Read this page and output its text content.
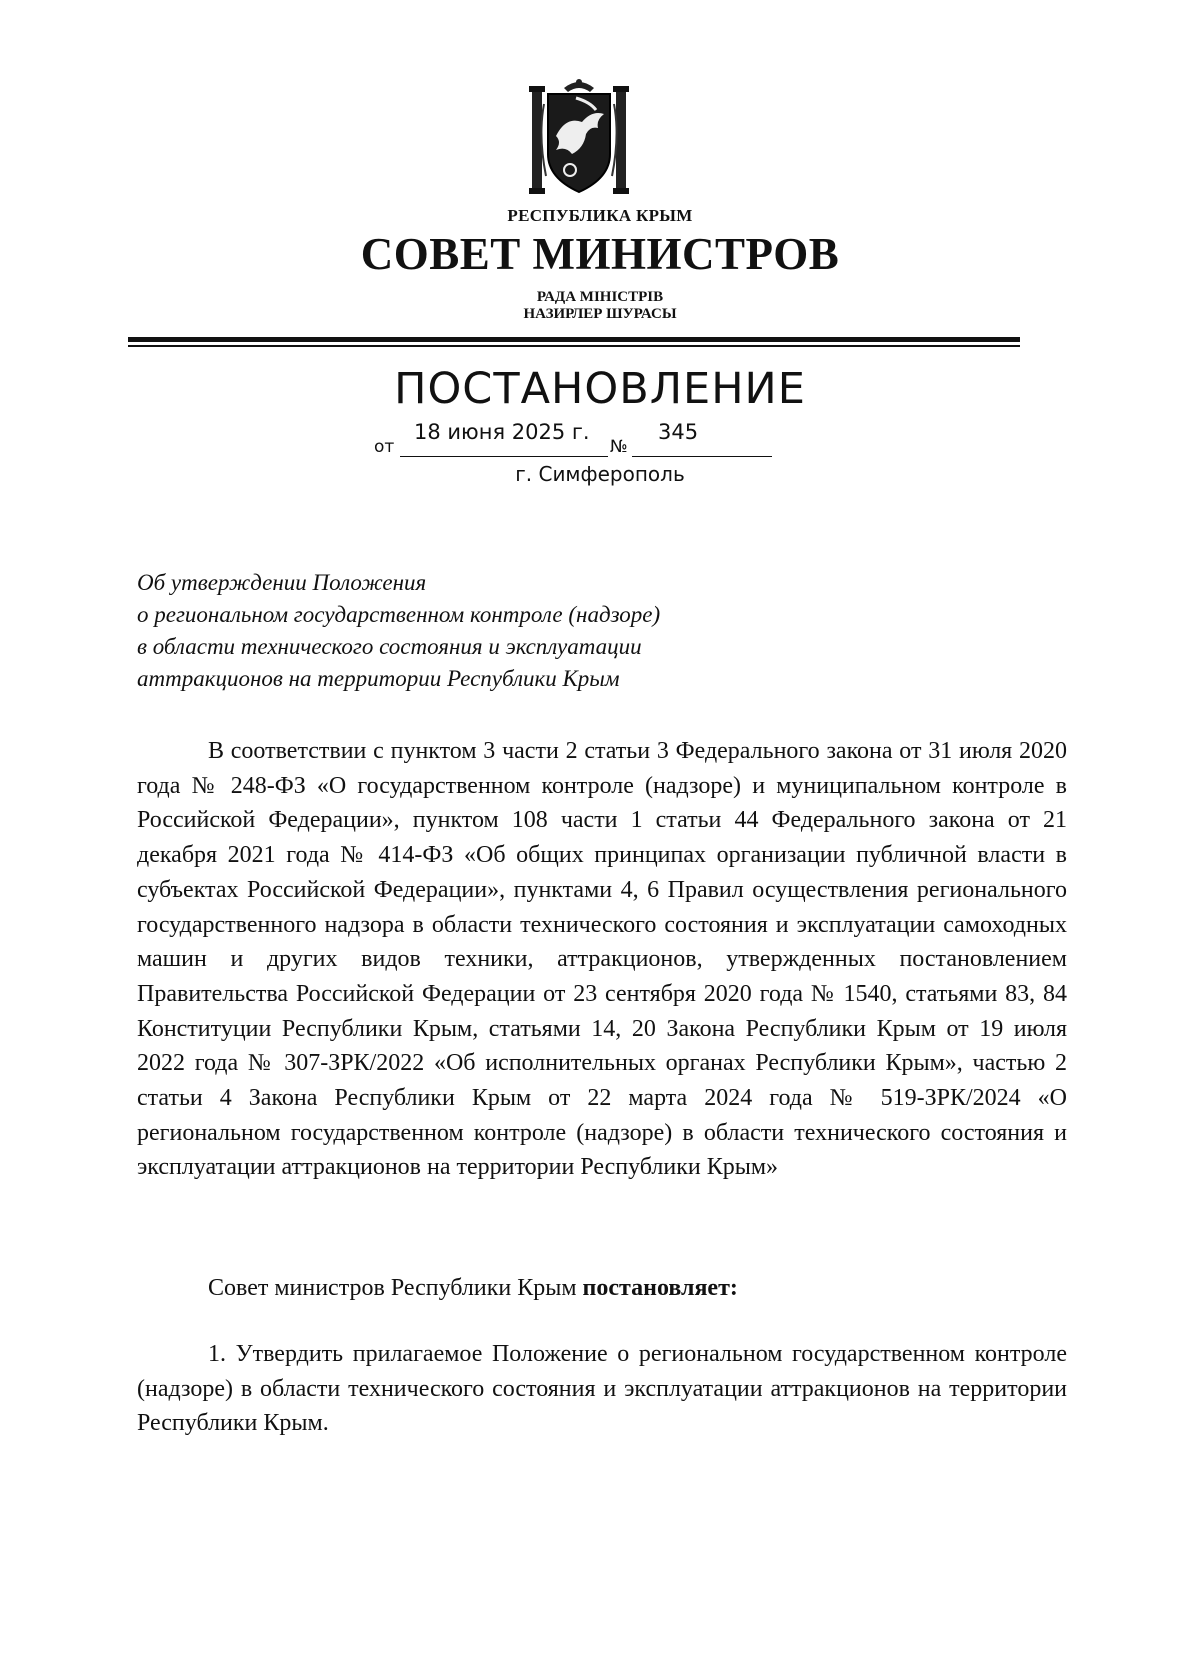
РЕСПУБЛИКА КРЫМ
СОВЕТ МИНИСТРОВ
РАДА МІНІСТРІВ
НАЗИРЛЕР ШУРАСЫ
ПОСТАНОВЛЕНИЕ
от
18 июня 2025 г.
№
345
г. Симферополь
Об утверждении Положения
о региональном государственном контроле (надзоре)
в области технического состояния и эксплуатации
аттракционов на территории Республики Крым

В соответствии с пунктом 3 части 2 статьи 3 Федерального закона от 31 июля 2020 года № 248-ФЗ «О государственном контроле (надзоре) и муниципальном контроле в Российской Федерации», пунктом 108 части 1 статьи 44 Федерального закона от 21 декабря 2021 года № 414-ФЗ «Об общих принципах организации публичной власти в субъектах Российской Федерации», пунктами 4, 6 Правил осуществления регионального государственного надзора в области технического состояния и эксплуатации самоходных машин и других видов техники, аттракционов, утвержденных постановлением Правительства Российской Федерации от 23 сентября 2020 года № 1540, статьями 83, 84 Конституции Республики Крым, статьями 14, 20 Закона Республики Крым от 19 июля 2022 года № 307-ЗРК/2022 «Об исполнительных органах Республики Крым», частью 2 статьи 4 Закона Республики Крым от 22 марта 2024 года № 519-ЗРК/2024 «О региональном государственном контроле (надзоре) в области технического состояния и эксплуатации аттракционов на территории Республики Крым»

Совет министров Республики Крым постановляет:

1. Утвердить прилагаемое Положение о региональном государственном контроле (надзоре) в области технического состояния и эксплуатации аттракционов на территории Республики Крым.
